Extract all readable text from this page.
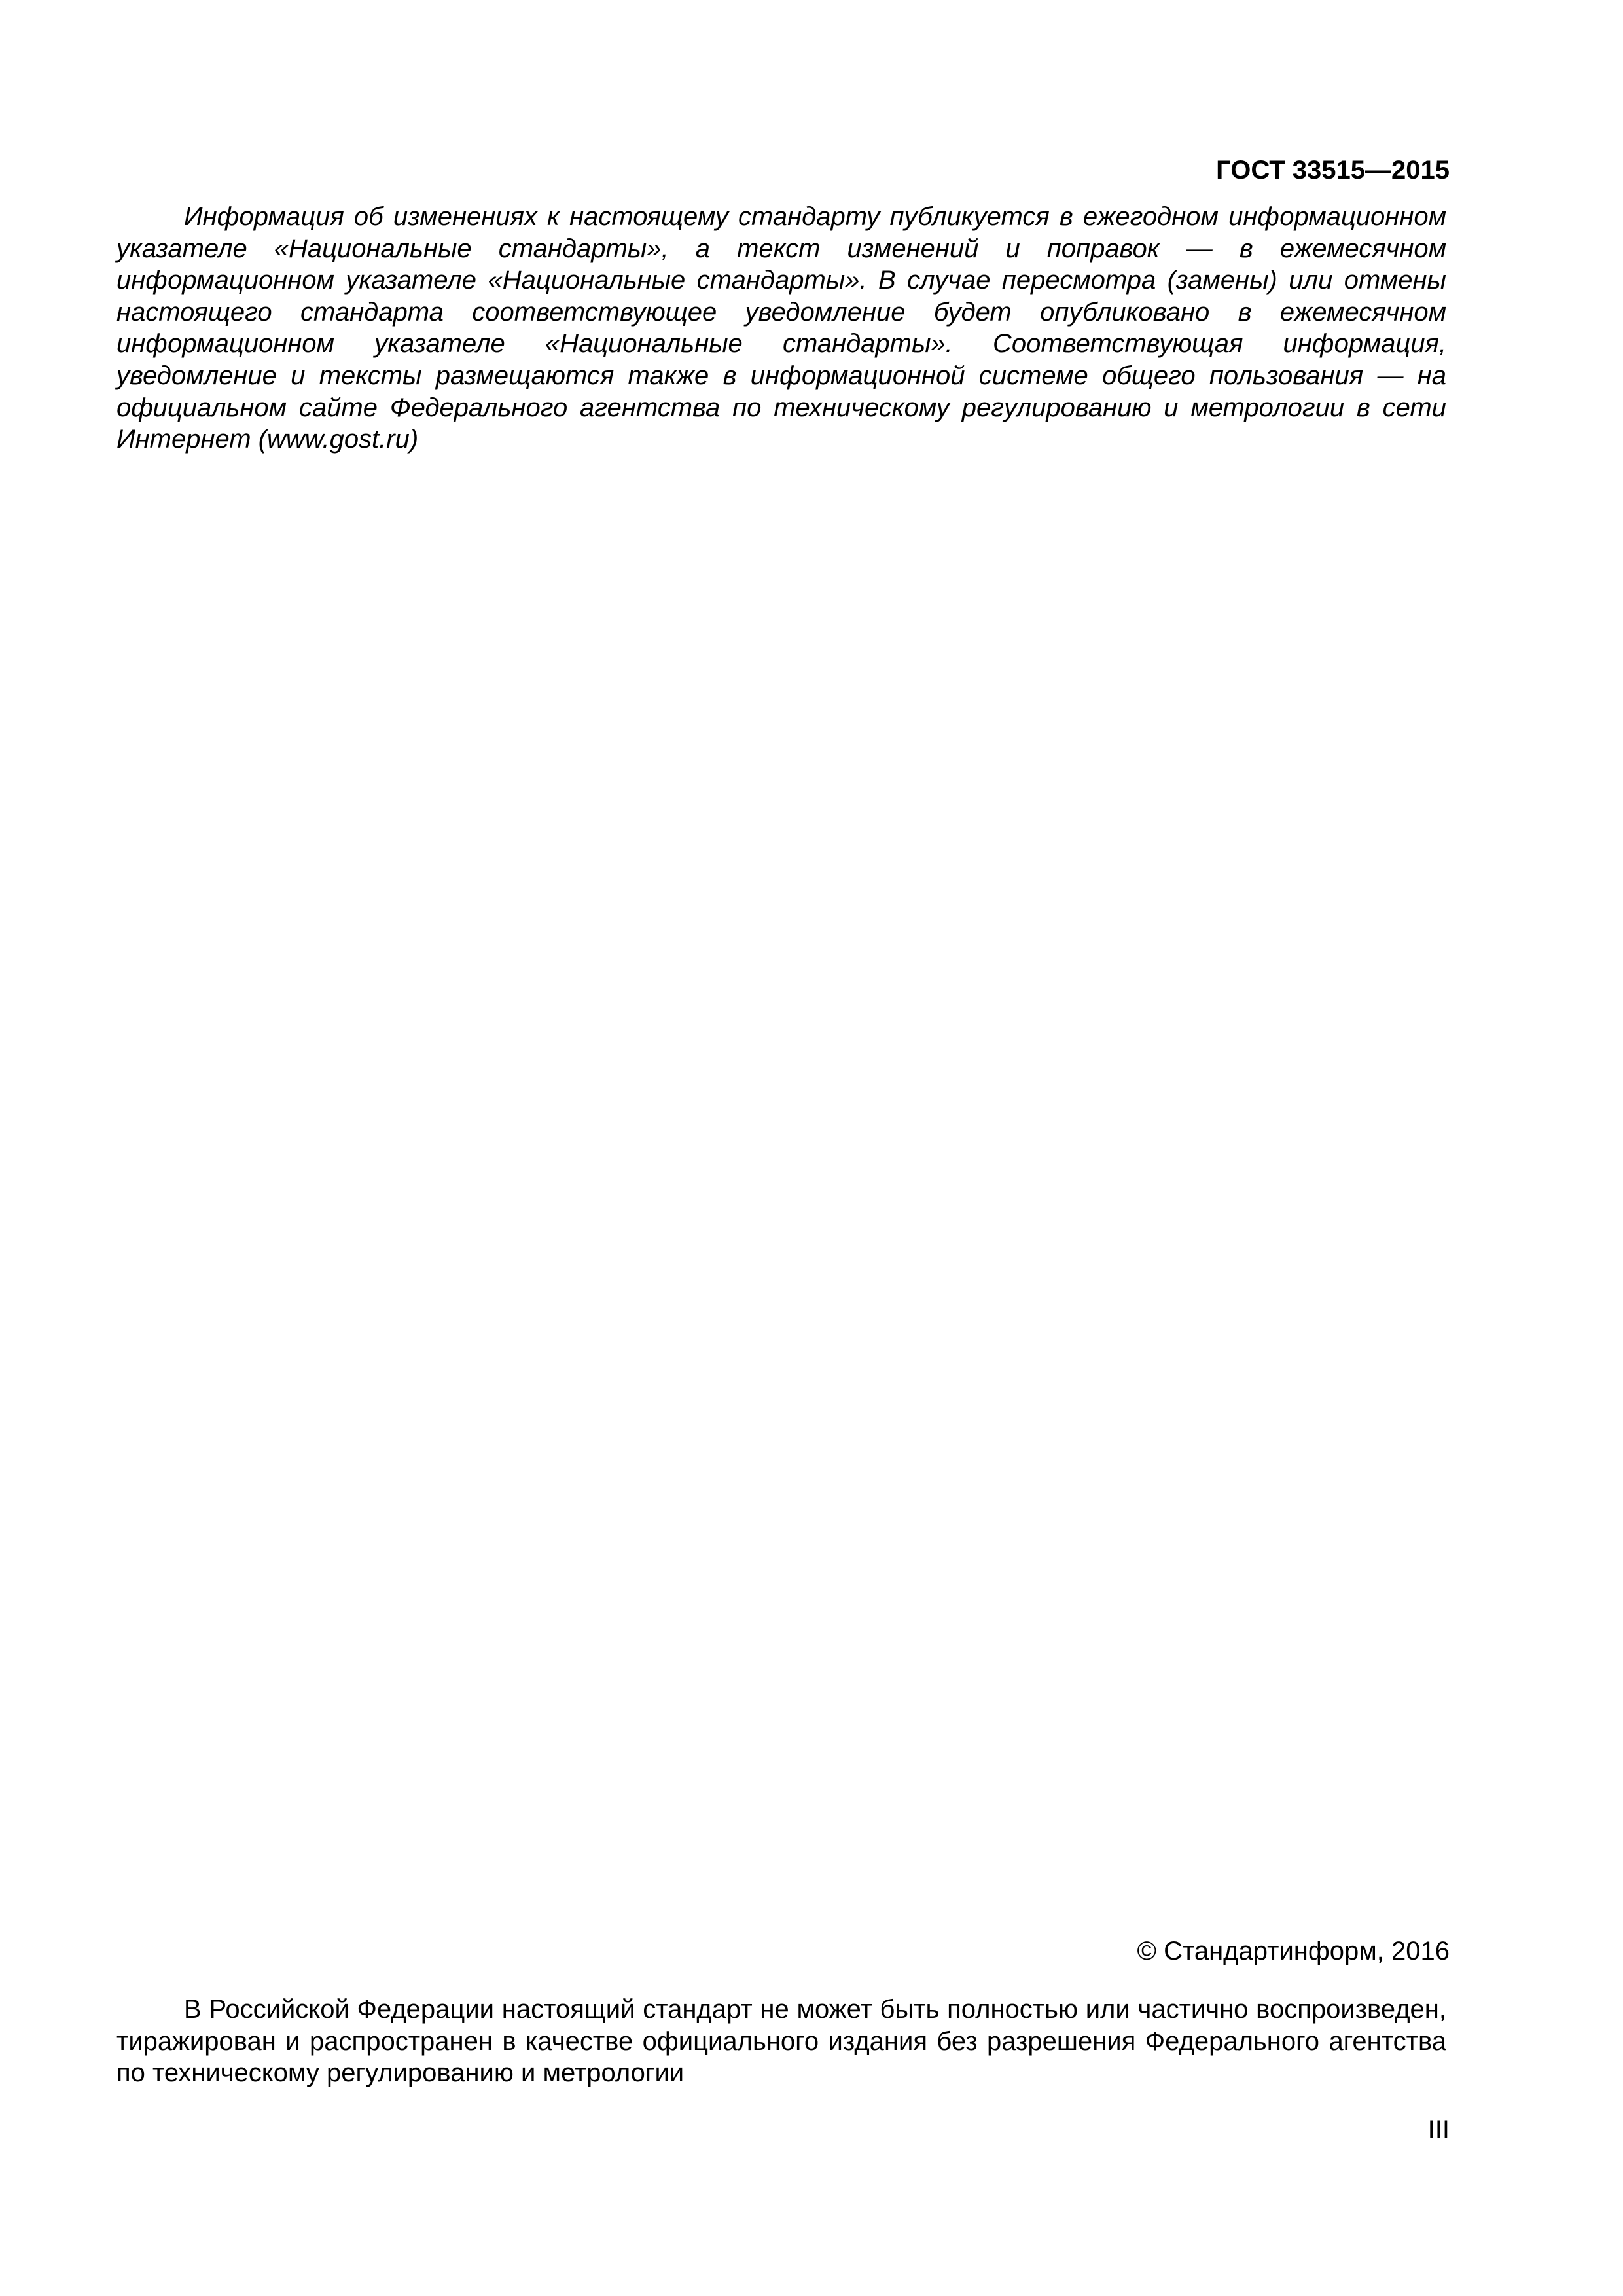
ГОСТ 33515—2015

Информация об изменениях к настоящему стандарту публикуется в ежегодном информационном указателе «Национальные стандарты», а текст изменений и поправок — в ежемесячном информационном указателе «Национальные стандарты». В случае пересмотра (замены) или отмены настоящего стандарта соответствующее уведомление будет опубликовано в ежемесячном информационном указателе «Национальные стандарты». Соответствующая информация, уведомление и тексты размещаются также в информационной системе общего пользования — на официальном сайте Федерального агентства по техническому регулированию и метрологии в сети Интернет (www.gost.ru)

© Стандартинформ, 2016

В Российской Федерации настоящий стандарт не может быть полностью или частично воспроизведен, тиражирован и распространен в качестве официального издания без разрешения Федерального агентства по техническому регулированию и метрологии

III
